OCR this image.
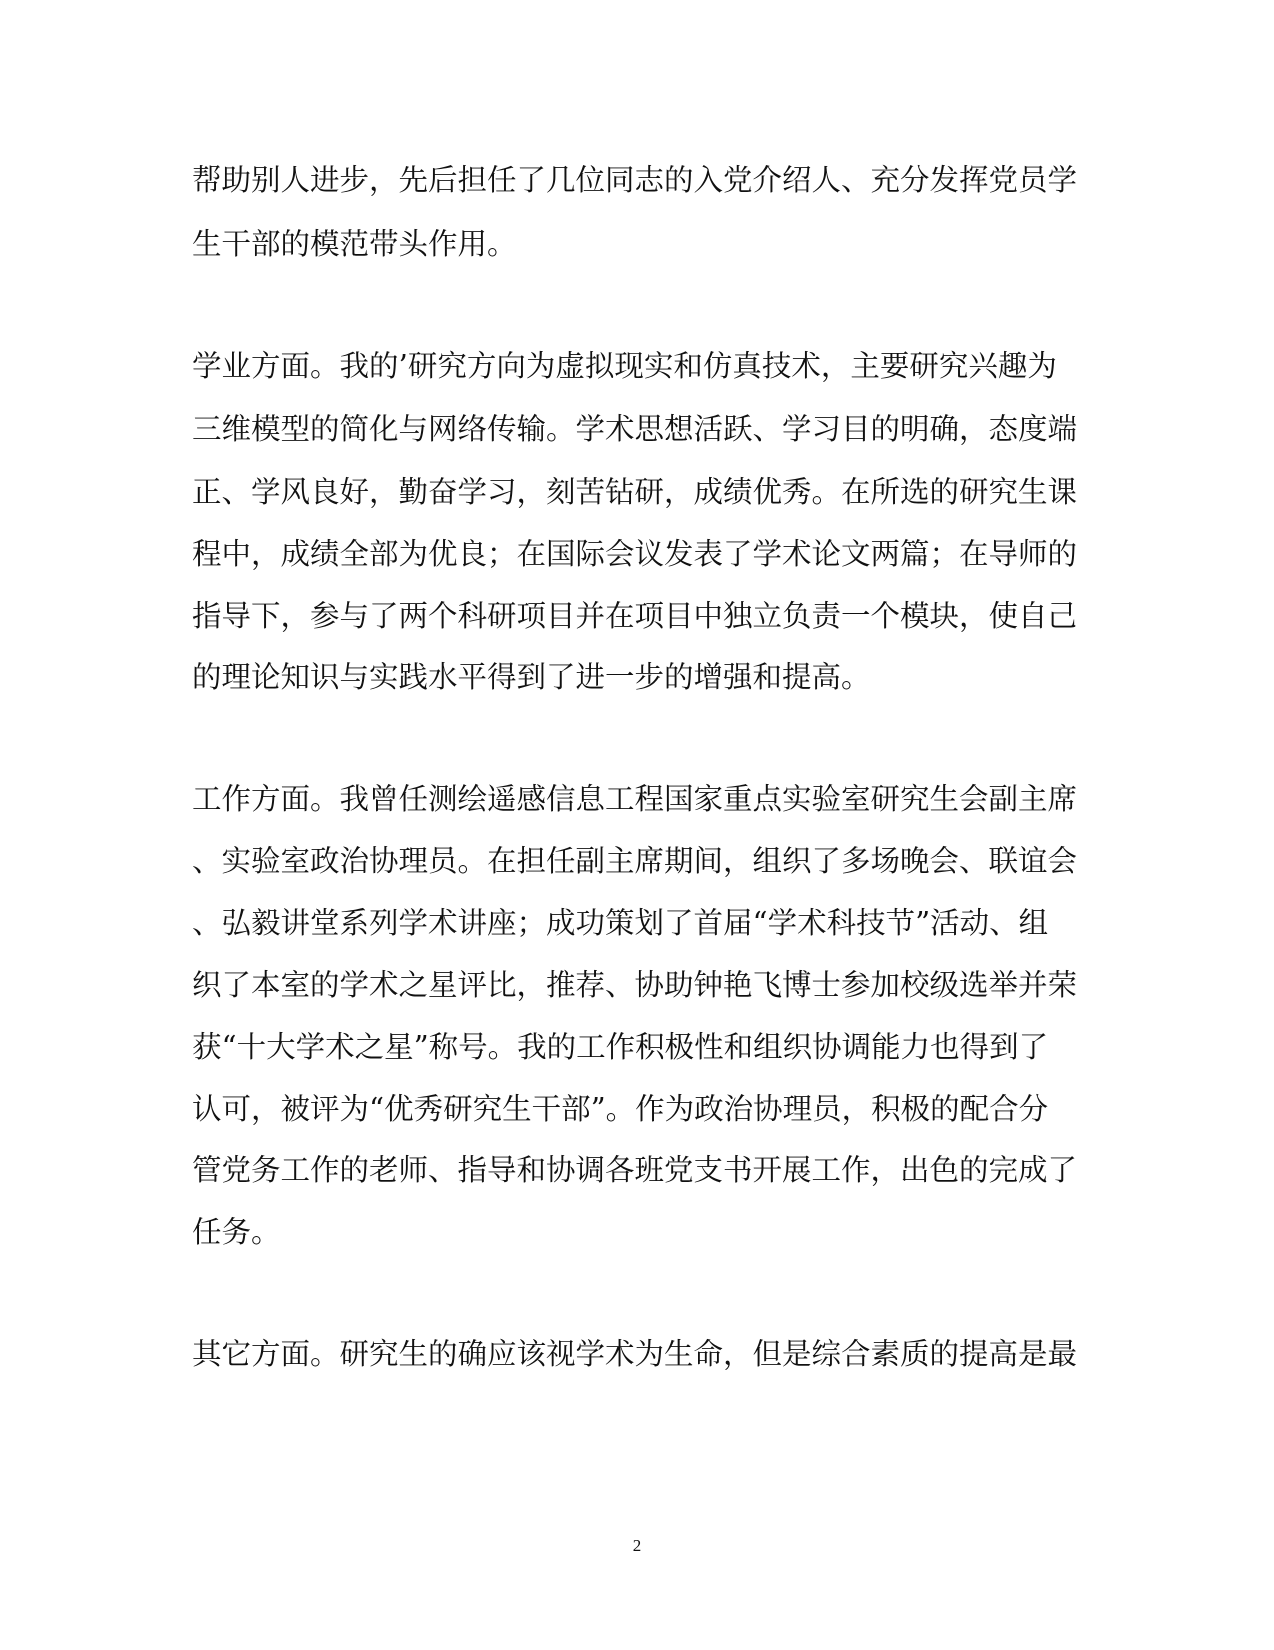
帮助别人进步，先后担任了几位同志的入党介绍人、充分发挥党员学
生干部的模范带头作用。
学业方面。我的’研究方向为虚拟现实和仿真技术，主要研究兴趣为
三维模型的简化与网络传输。学术思想活跃、学习目的明确，态度端
正、学风良好，勤奋学习，刻苦钻研，成绩优秀。在所选的研究生课
程中，成绩全部为优良；在国际会议发表了学术论文两篇；在导师的
指导下，参与了两个科研项目并在项目中独立负责一个模块，使自己
的理论知识与实践水平得到了进一步的增强和提高。
工作方面。我曾任测绘遥感信息工程国家重点实验室研究生会副主席
、实验室政治协理员。在担任副主席期间，组织了多场晚会、联谊会
、弘毅讲堂系列学术讲座；成功策划了首届“学术科技节”活动、组
织了本室的学术之星评比，推荐、协助钟艳飞博士参加校级选举并荣
获“十大学术之星”称号。我的工作积极性和组织协调能力也得到了
认可，被评为“优秀研究生干部”。作为政治协理员，积极的配合分
管党务工作的老师、指导和协调各班党支书开展工作，出色的完成了
任务。
其它方面。研究生的确应该视学术为生命，但是综合素质的提高是最
2
